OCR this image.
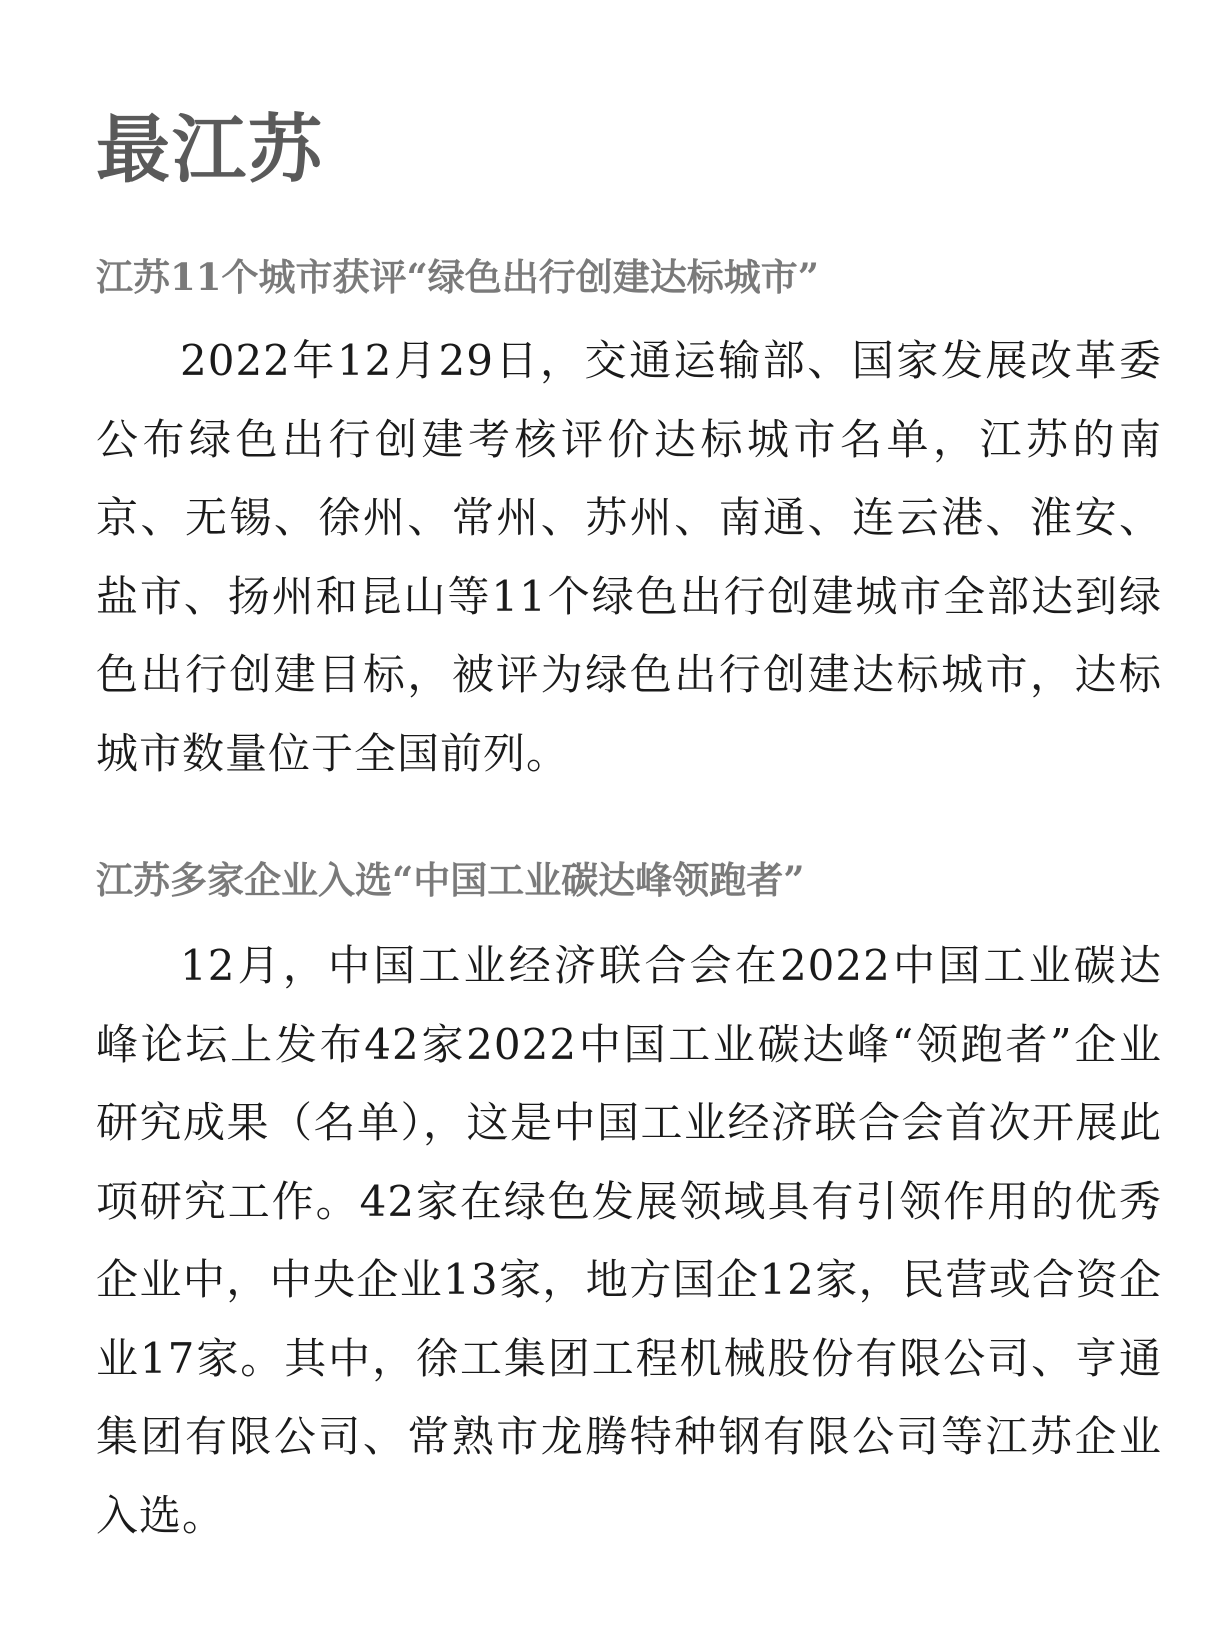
最江苏
江苏11个城市获评“绿色出行创建达标城市”

2022年12月29日，交通运输部、国家发展改革委公布绿色出行创建考核评价达标城市名单，江苏的南京、无锡、徐州、常州、苏州、南通、连云港、淮安、盐市、扬州和昆山等11个绿色出行创建城市全部达到绿色出行创建目标，被评为绿色出行创建达标城市，达标城市数量位于全国前列。

江苏多家企业入选“中国工业碳达峰领跑者”

12月，中国工业经济联合会在2022中国工业碳达峰论坛上发布42家2022中国工业碳达峰“领跑者”企业研究成果（名单），这是中国工业经济联合会首次开展此项研究工作。42家在绿色发展领域具有引领作用的优秀企业中，中央企业13家，地方国企12家，民营或合资企业17家。其中，徐工集团工程机械股份有限公司、亨通集团有限公司、常熟市龙腾特种钢有限公司等江苏企业入选。
